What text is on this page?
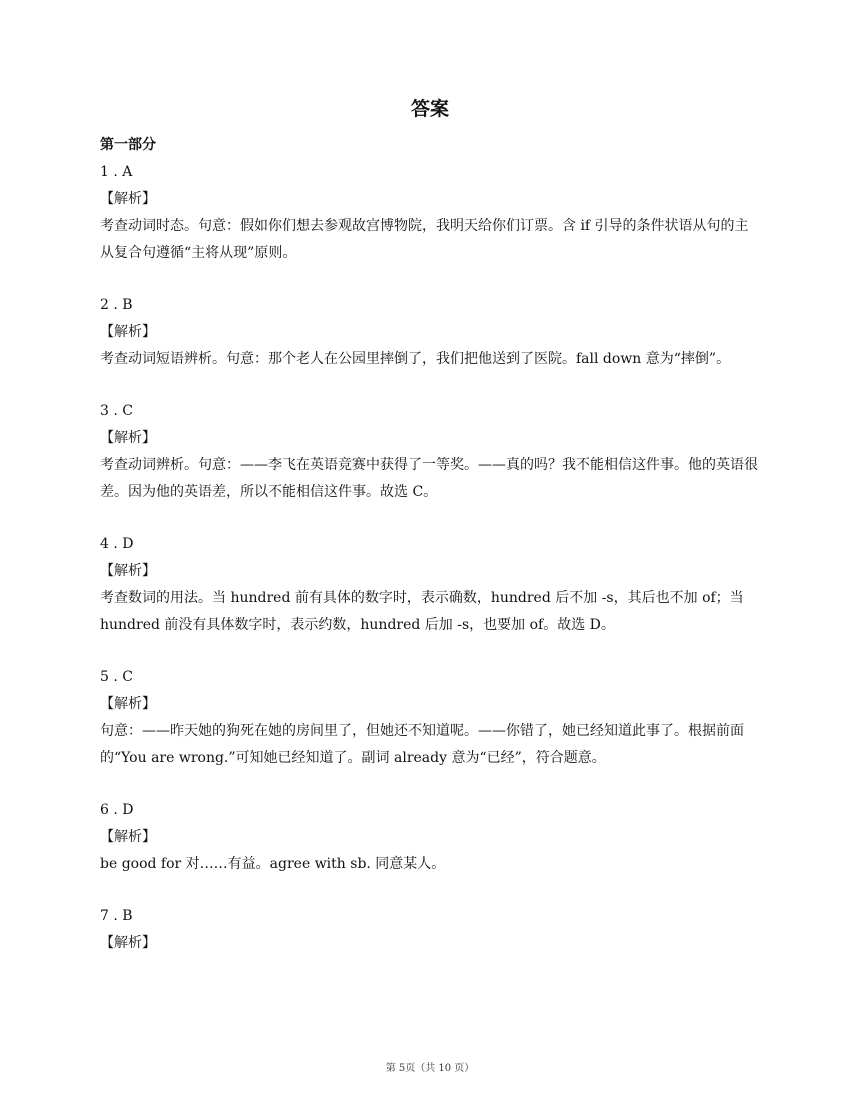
答案
第一部分

1 . A

【解析】

考查动词时态。句意：假如你们想去参观故宫博物院，我明天给你们订票。含 if 引导的条件状语从句的主从复合句遵循“主将从现”原则。

2 . B

【解析】

考查动词短语辨析。句意：那个老人在公园里摔倒了，我们把他送到了医院。fall down 意为“摔倒”。

3 . C

【解析】

考查动词辨析。句意：——李飞在英语竞赛中获得了一等奖。——真的吗？我不能相信这件事。他的英语很差。因为他的英语差，所以不能相信这件事。故选 C。

4 . D

【解析】

考查数词的用法。当 hundred 前有具体的数字时，表示确数，hundred 后不加 -s，其后也不加 of；当 hundred 前没有具体数字时，表示约数，hundred 后加 -s，也要加 of。故选 D。

5 . C

【解析】

句意：——昨天她的狗死在她的房间里了，但她还不知道呢。——你错了，她已经知道此事了。根据前面的“You are wrong.”可知她已经知道了。副词 already 意为“已经”，符合题意。

6 . D

【解析】

be good for 对……有益。agree with sb. 同意某人。

7 . B

【解析】

第 5页（共 10 页）
